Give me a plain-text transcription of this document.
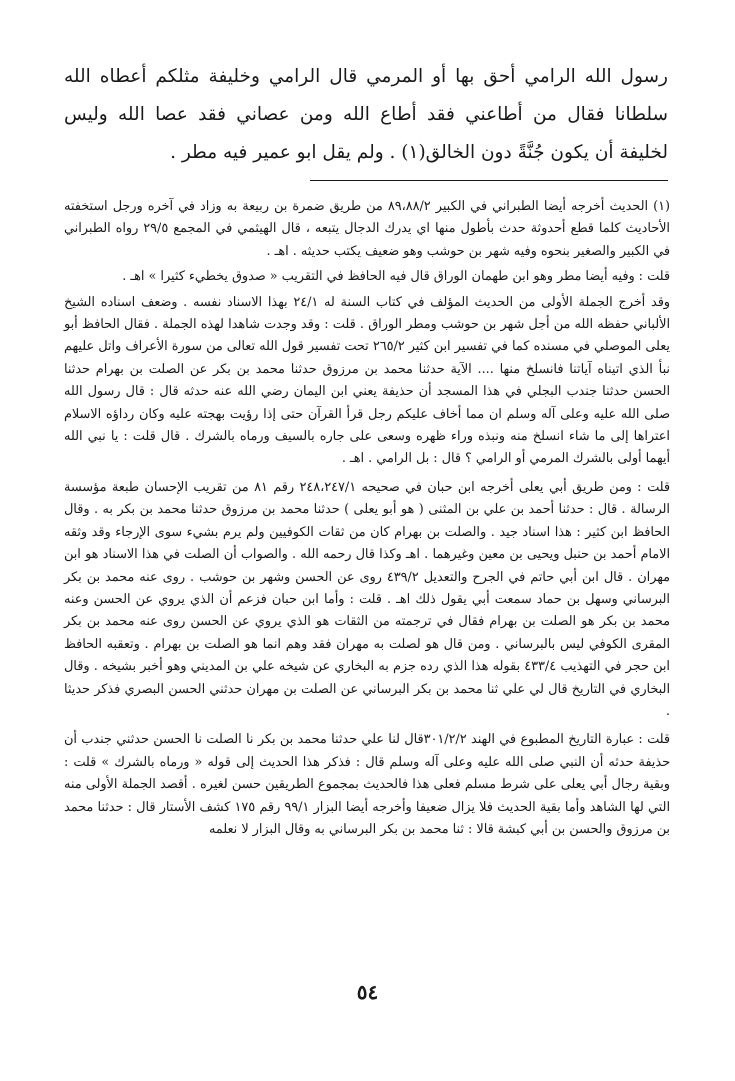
رسول الله الرامي أحق بها أو المرمي قال الرامي وخليفة مثلكم أعطاه الله سلطانا فقال من أطاعني فقد أطاع الله ومن عصاني فقد عصا الله وليس لخليفة أن يكون جُنَّةً دون الخالق(١) . ولم يقل ابو عمير فيه مطر .

(١) الحديث أخرجه أيضا الطبراني في الكبير ٨٩،٨٨/٢ من طريق ضمرة بن ربيعة به وزاد في آخره ورجل استخفته الأحاديث كلما قطع أحدوثة حدث بأطول منها اي يدرك الدجال يتبعه ، قال الهيثمي في المجمع ٢٩/٥ رواه الطبراني في الكبير والصغير بنحوه وفيه شهر بن حوشب وهو ضعيف يكتب حديثه . اهـ .

قلت : وفيه أيضا مطر وهو ابن طهمان الوراق قال فيه الحافظ في التقريب « صدوق يخطيء كثيرا » اهـ .

وقد أخرج الجملة الأولى من الحديث المؤلف في كتاب السنة له ٢٤/١ بهذا الاسناد نفسه . وضعف اسناده الشيخ الألباني حفظه الله من أجل شهر بن حوشب ومطر الوراق . قلت : وقد وجدت شاهدا لهذه الجملة . فقال الحافظ أبو يعلى الموصلي في مسنده كما في تفسير ابن كثير ٢٦٥/٢ تحت تفسير قول الله تعالى من سورة الأعراف واتل عليهم نبأ الذي اتيناه آياتنا فانسلخ منها .... الآية حدثنا محمد بن مرزوق حدثنا محمد بن بكر عن الصلت بن بهرام حدثنا الحسن حدثنا جندب البجلي في هذا المسجد أن حذيفة يعني ابن اليمان رضي الله عنه حدثه قال : قال رسول الله صلى الله عليه وعلى آله وسلم ان مما أخاف عليكم رجل قرأ القرآن حتى إذا رؤيت بهجته عليه وكان رداؤه الاسلام اعتراها إلى ما شاء انسلخ منه ونبذه وراء ظهره وسعى على جاره بالسيف ورماه بالشرك . قال قلت : يا نبي الله أيهما أولى بالشرك المرمي أو الرامي ؟ قال : بل الرامي . اهـ .

قلت : ومن طريق أبي يعلى أخرجه ابن حبان في صحيحه ٢٤٨،٢٤٧/١ رقم ٨١ من تقريب الإحسان طبعة مؤسسة الرسالة . قال : حدثنا أحمد بن علي بن المثنى ( هو أبو يعلى ) حدثنا محمد بن مرزوق حدثنا محمد بن بكر به . وقال الحافظ ابن كثير : هذا اسناد جيد . والصلت بن بهرام كان من ثقات الكوفيين ولم يرم بشيء سوى الإرجاء وقد وثقه الامام أحمد بن حنبل ويحيى بن معين وغيرهما . اهـ وكذا قال رحمه الله . والصواب أن الصلت في هذا الاسناد هو ابن مهران . قال ابن أبي حاتم في الجرح والتعديل ٤٣٩/٢ روى عن الحسن وشهر بن حوشب . روى عنه محمد بن بكر البرساني وسهل بن حماد سمعت أبي يقول ذلك اهـ . قلت : وأما ابن حبان فزعم أن الذي يروي عن الحسن وعنه محمد بن بكر هو الصلت بن بهرام فقال في ترجمته من الثقات هو الذي يروي عن الحسن روى عنه محمد بن بكر المقرى الكوفي ليس بالبرساني . ومن قال هو لصلت به مهران فقد وهم انما هو الصلت بن بهرام . وتعقبه الحافظ ابن حجر في التهذيب ٤٣٣/٤ بقوله هذا الذي رده جزم به البخاري عن شيخه علي بن المديني وهو أخبر بشيخه . وقال البخاري في التاريخ قال لي علي ثنا محمد بن بكر البرساني عن الصلت بن مهران حدثني الحسن البصري فذكر حديثا .

قلت : عبارة التاريخ المطبوع في الهند ٣٠١/٢/٢قال لنا علي حدثنا محمد بن بكر نا الصلت نا الحسن حدثني جندب أن حذيفة حدثه أن النبي صلى الله عليه وعلى آله وسلم قال : فذكر هذا الحديث إلى قوله « ورماه بالشرك » قلت : وبقية رجال أبي يعلى على شرط مسلم فعلى هذا فالحديث بمجموع الطريقين حسن لغيره . أقصد الجملة الأولى منه التي لها الشاهد وأما بقية الحديث فلا يزال ضعيفا وأخرجه أيضا البزار ٩٩/١ رقم ١٧٥ كشف الأستار قال : حدثنا محمد بن مرزوق والحسن بن أبي كبشة قالا : ثنا محمد بن بكر البرساني به وقال البزار لا نعلمه

٥٤
